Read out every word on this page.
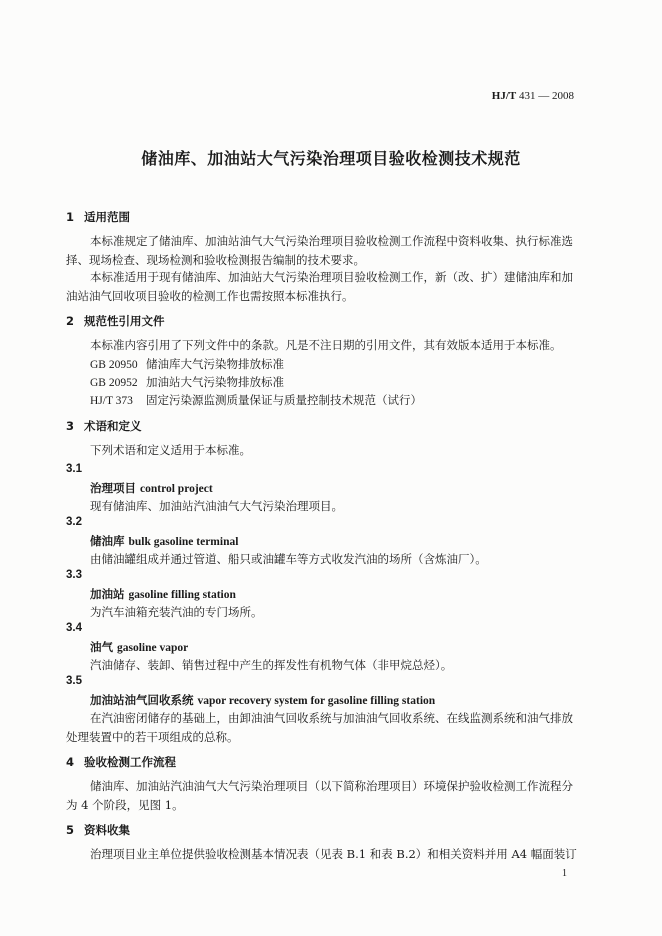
HJ/T 431 — 2008
储油库、加油站大气污染治理项目验收检测技术规范
1 适用范围
本标准规定了储油库、加油站油气大气污染治理项目验收检测工作流程中资料收集、执行标准选
择、现场检查、现场检测和验收检测报告编制的技术要求。
本标准适用于现有储油库、加油站大气污染治理项目验收检测工作，新（改、扩）建储油库和加
油站油气回收项目验收的检测工作也需按照本标准执行。
2 规范性引用文件
本标准内容引用了下列文件中的条款。凡是不注日期的引用文件，其有效版本适用于本标准。
GB 20950 储油库大气污染物排放标准
GB 20952 加油站大气污染物排放标准
HJ/T 373 固定污染源监测质量保证与质量控制技术规范（试行）
3 术语和定义
下列术语和定义适用于本标准。
3.1
治理项目 control project
现有储油库、加油站汽油油气大气污染治理项目。
3.2
储油库 bulk gasoline terminal
由储油罐组成并通过管道、船只或油罐车等方式收发汽油的场所（含炼油厂）。
3.3
加油站 gasoline filling station
为汽车油箱充装汽油的专门场所。
3.4
油气 gasoline vapor
汽油储存、装卸、销售过程中产生的挥发性有机物气体（非甲烷总烃）。
3.5
加油站油气回收系统 vapor recovery system for gasoline filling station
在汽油密闭储存的基础上，由卸油油气回收系统与加油油气回收系统、在线监测系统和油气排放
处理装置中的若干项组成的总称。
4 验收检测工作流程
储油库、加油站汽油油气大气污染治理项目（以下简称治理项目）环境保护验收检测工作流程分
为 4 个阶段，见图 1。
5 资料收集
治理项目业主单位提供验收检测基本情况表（见表 B.1 和表 B.2）和相关资料并用 A4 幅面装订
1
